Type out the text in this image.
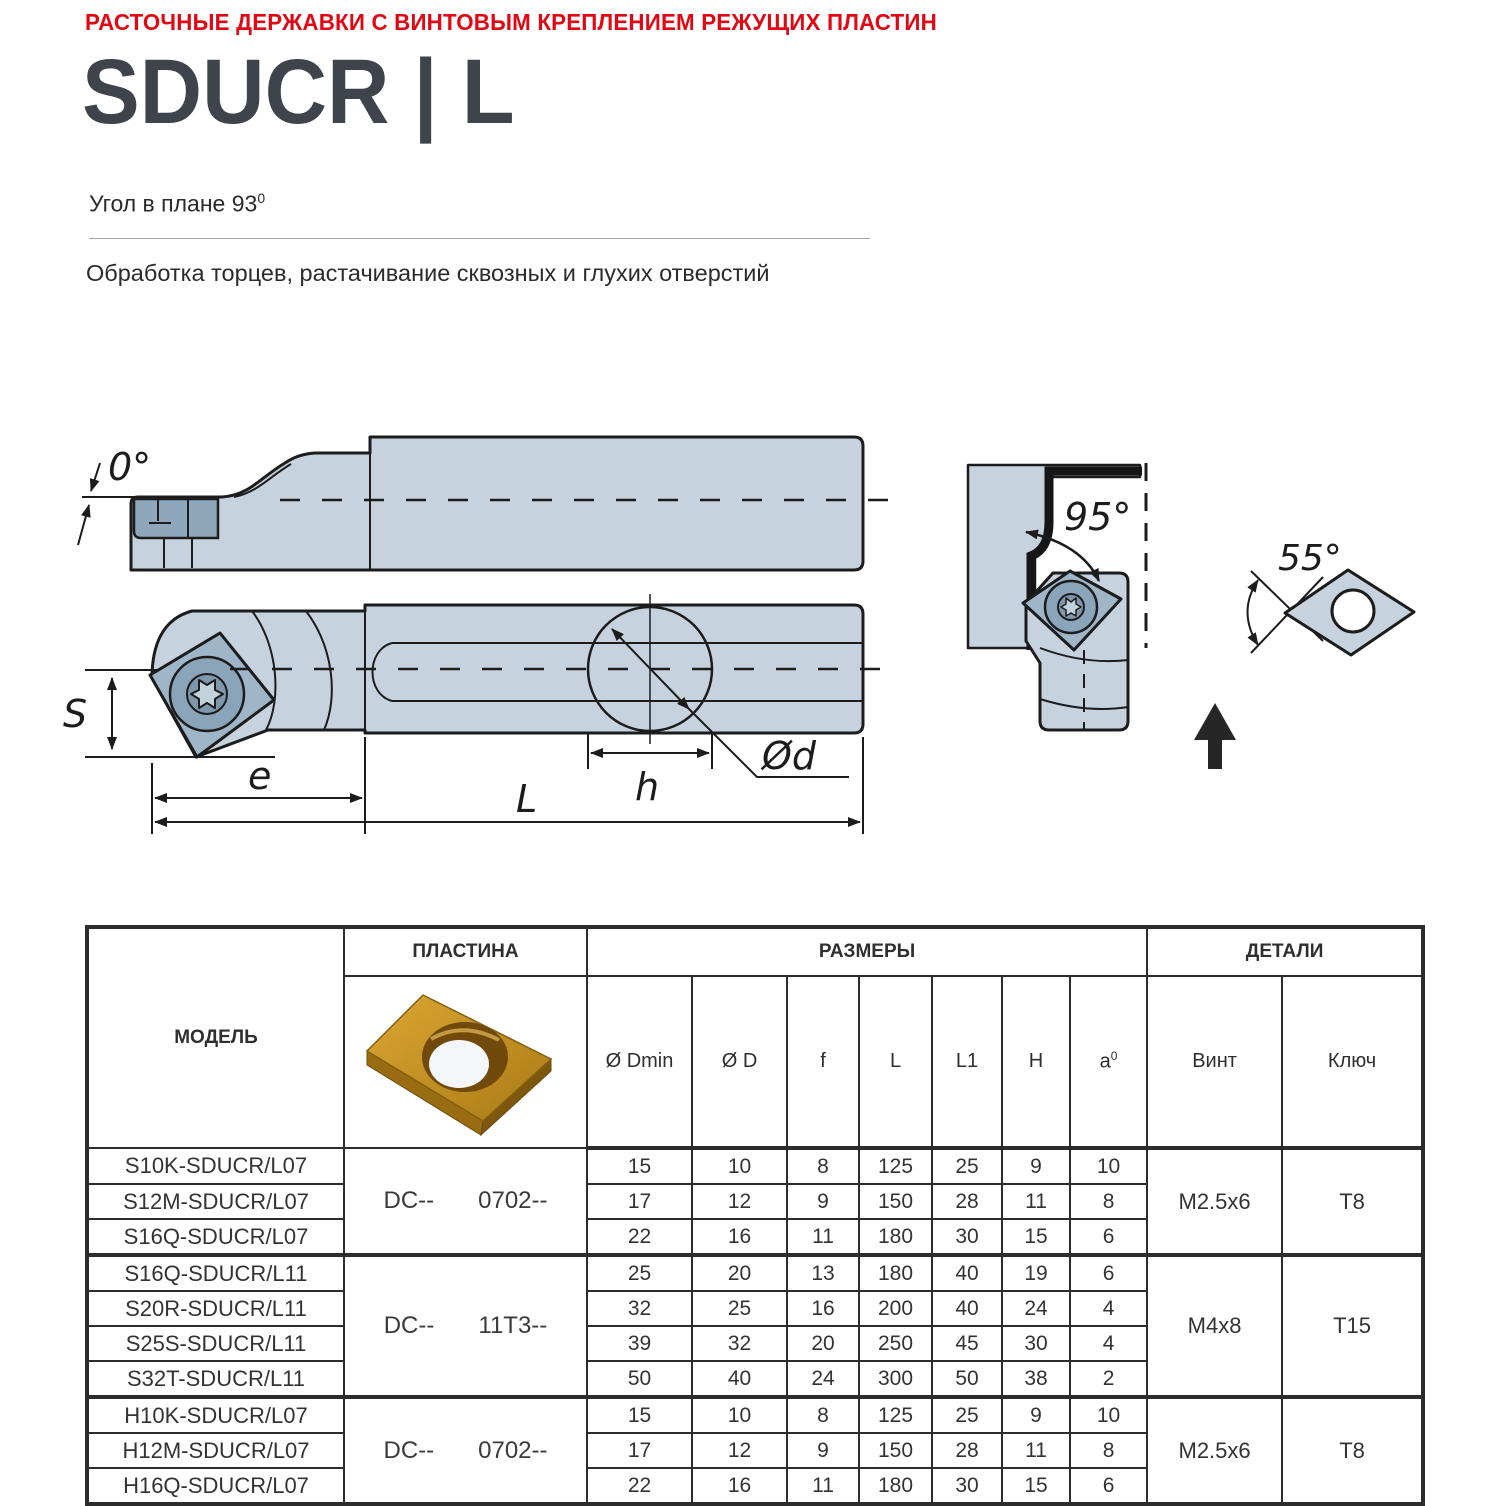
РАСТОЧНЫЕ ДЕРЖАВКИ С ВИНТОВЫМ КРЕПЛЕНИЕМ РЕЖУЩИХ ПЛАСТИН
SDUCR | L
Угол в плане $93^0$
Обработка торцев, растачивание сквозных и глухих отверстий
0°
Ød
S
e
L	h
95°
55°
МОДЕЛЬ	ПЛАСТИНА	РАЗМЕРЫ							ДЕТАЛИ	

		Ø Dmin	Ø D	f	L	L1	H	$a^0$	Винт	Ключ
S10K-SDUCR/L07	DC-- 0702--	15	10	8	125	25	9	10	M2.5x6	T8
S12M-SDUCR/L07		17	12	9	150	28	11	8		
S16Q-SDUCR/L07		22	16	11	180	30	15	6		
S16Q-SDUCR/L11	DC-- 11T3--	25	20	13	180	40	19	6	M4x8	T15
S20R-SDUCR/L11		32	25	16	200	40	24	4		
S25S-SDUCR/L11		39	32	20	250	45	30	4		
S32T-SDUCR/L11		50	40	24	300	50	38	2		
H10K-SDUCR/L07	DC-- 0702--	15	10	8	125	25	9	10	M2.5x6	T8
H12M-SDUCR/L07		17	12	9	150	28	11	8		
H16Q-SDUCR/L07		22	16	11	180	30	15	6		
